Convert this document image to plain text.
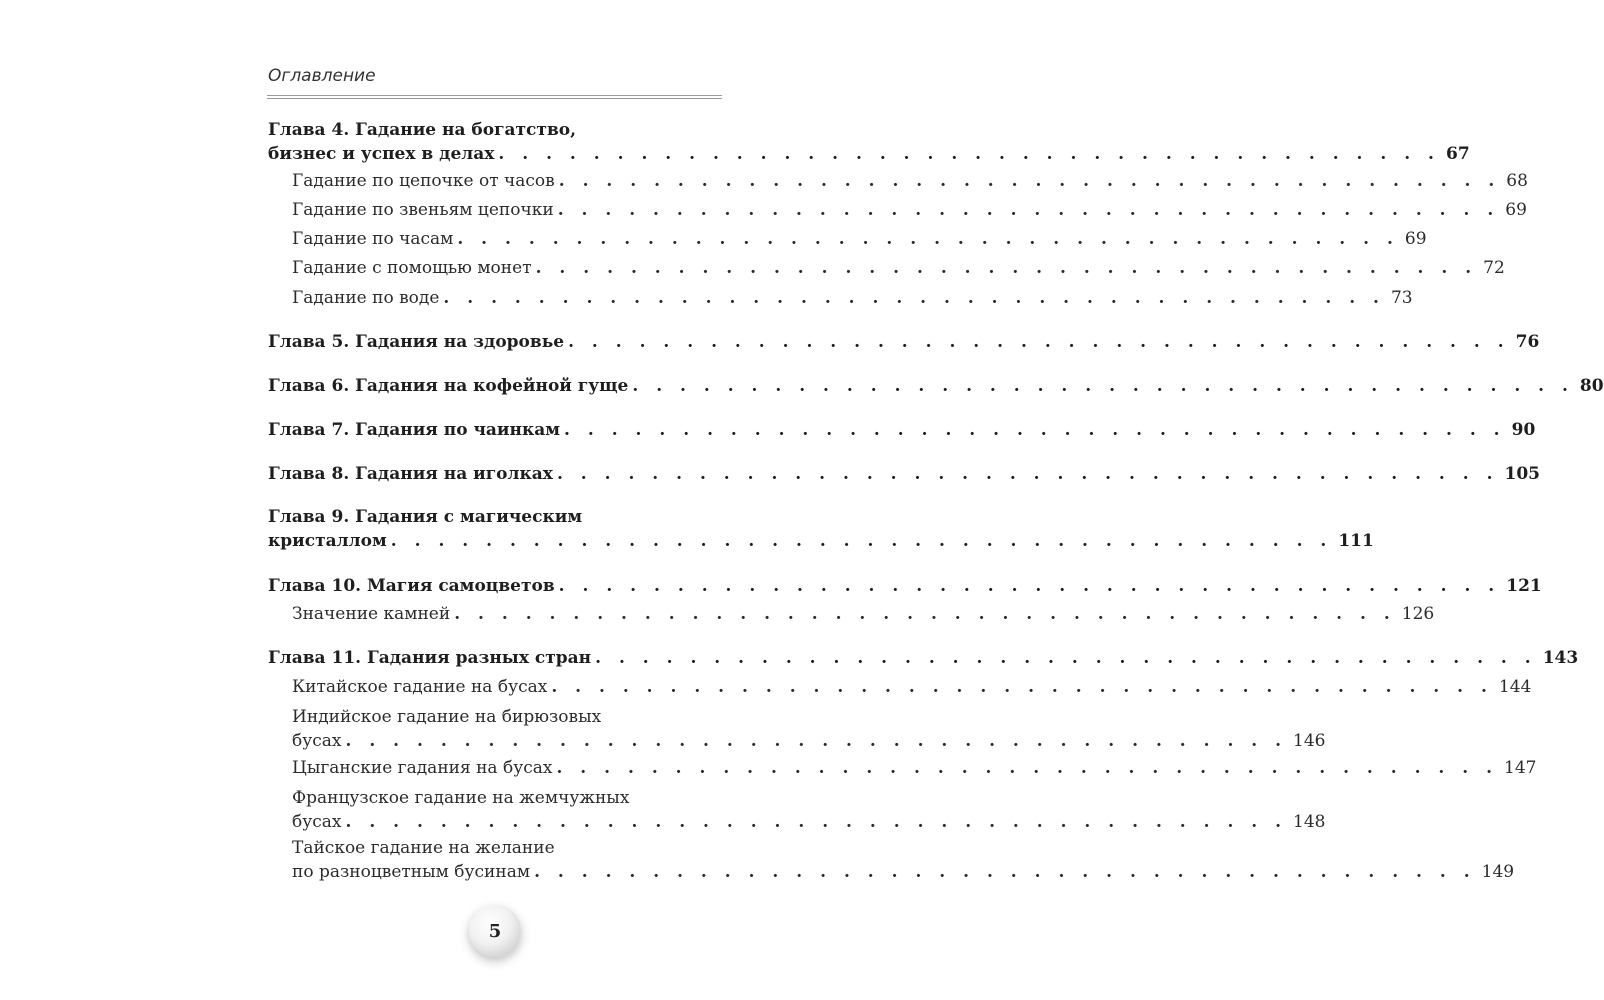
Оглавление
Глава 4. Гадание на богатство,
бизнес и успех в делах . . . . . . . . . . . . . . . . . . . . . . . . . . . . . . . . . . . . . . . . 67
Гадание по цепочке от часов . . . . . . . . . . . . . . . . . . . . . . . . . . . . . . . . . . . . . . . . 68
Гадание по звеньям цепочки . . . . . . . . . . . . . . . . . . . . . . . . . . . . . . . . . . . . . . . . 69
Гадание по часам . . . . . . . . . . . . . . . . . . . . . . . . . . . . . . . . . . . . . . . . 69
Гадание с помощью монет . . . . . . . . . . . . . . . . . . . . . . . . . . . . . . . . . . . . . . . . 72
Гадание по воде . . . . . . . . . . . . . . . . . . . . . . . . . . . . . . . . . . . . . . . . 73
Глава 5. Гадания на здоровье . . . . . . . . . . . . . . . . . . . . . . . . . . . . . . . . . . . . . . . . 76
Глава 6. Гадания на кофейной гуще . . . . . . . . . . . . . . . . . . . . . . . . . . . . . . . . . . . . . . . . 80
Глава 7. Гадания по чаинкам . . . . . . . . . . . . . . . . . . . . . . . . . . . . . . . . . . . . . . . . 90
Глава 8. Гадания на иголках . . . . . . . . . . . . . . . . . . . . . . . . . . . . . . . . . . . . . . . . 105
Глава 9. Гадания с магическим
кристаллом . . . . . . . . . . . . . . . . . . . . . . . . . . . . . . . . . . . . . . . . 111
Глава 10. Магия самоцветов . . . . . . . . . . . . . . . . . . . . . . . . . . . . . . . . . . . . . . . . 121
Значение камней . . . . . . . . . . . . . . . . . . . . . . . . . . . . . . . . . . . . . . . . 126
Глава 11. Гадания разных стран . . . . . . . . . . . . . . . . . . . . . . . . . . . . . . . . . . . . . . . . 143
Китайское гадание на бусах . . . . . . . . . . . . . . . . . . . . . . . . . . . . . . . . . . . . . . . . 144
Индийское гадание на бирюзовых
бусах . . . . . . . . . . . . . . . . . . . . . . . . . . . . . . . . . . . . . . . . 146
Цыганские гадания на бусах . . . . . . . . . . . . . . . . . . . . . . . . . . . . . . . . . . . . . . . . 147
Французское гадание на жемчужных
бусах . . . . . . . . . . . . . . . . . . . . . . . . . . . . . . . . . . . . . . . . 148
Тайское гадание на желание
по разноцветным бусинам . . . . . . . . . . . . . . . . . . . . . . . . . . . . . . . . . . . . . . . . 149
5
